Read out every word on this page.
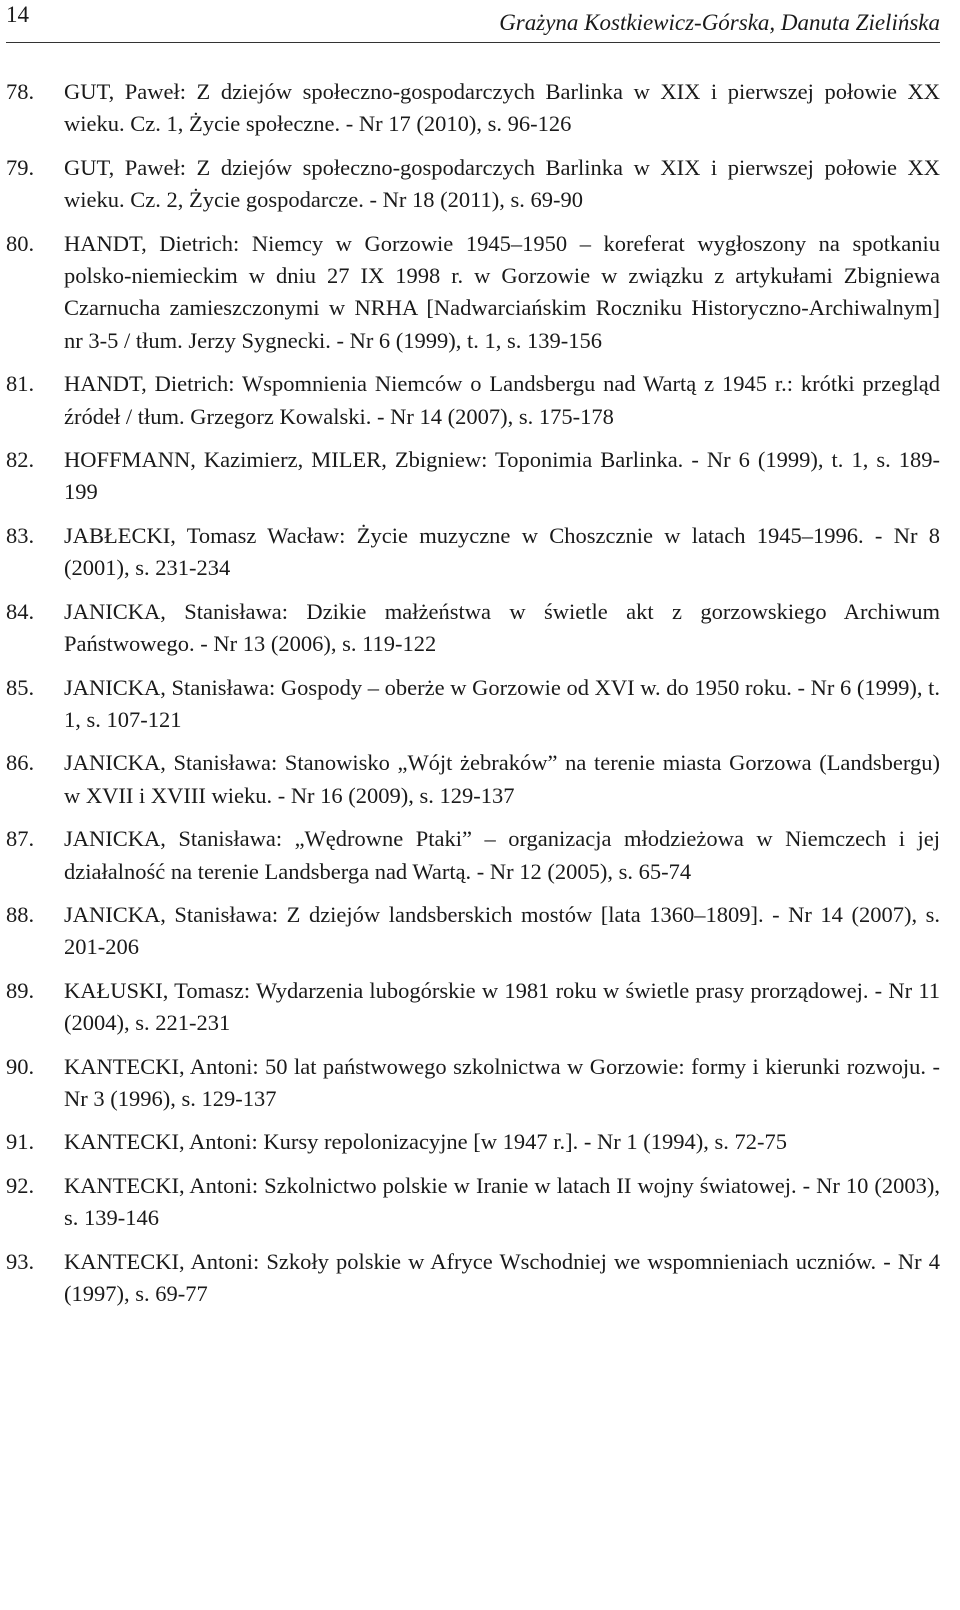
14	Grażyna Kostkiewicz-Górska, Danuta Zielińska
78. GUT, Paweł: Z dziejów społeczno-gospodarczych Barlinka w XIX i pierwszej połowie XX wieku. Cz. 1, Życie społeczne. - Nr 17 (2010), s. 96-126
79. GUT, Paweł: Z dziejów społeczno-gospodarczych Barlinka w XIX i pierwszej połowie XX wieku. Cz. 2, Życie gospodarcze. - Nr 18 (2011), s. 69-90
80. HANDT, Dietrich: Niemcy w Gorzowie 1945–1950 – koreferat wygłoszony na spotkaniu polsko-niemieckim w dniu 27 IX 1998 r. w Gorzowie w związku z artykułami Zbigniewa Czarnucha zamieszczonymi w NRHA [Nadwarciańskim Roczniku Historyczno-Archiwalnym] nr 3-5 / tłum. Jerzy Sygnecki. - Nr 6 (1999), t. 1, s. 139-156
81. HANDT, Dietrich: Wspomnienia Niemców o Landsbergu nad Wartą z 1945 r.: krótki przegląd źródeł / tłum. Grzegorz Kowalski. - Nr 14 (2007), s. 175-178
82. HOFFMANN, Kazimierz, MILER, Zbigniew: Toponimia Barlinka. - Nr 6 (1999), t. 1, s. 189-199
83. JABŁECKI, Tomasz Wacław: Życie muzyczne w Choszcznie w latach 1945–1996. - Nr 8 (2001), s. 231-234
84. JANICKA, Stanisława: Dzikie małżeństwa w świetle akt z gorzowskiego Archiwum Państwowego. - Nr 13 (2006), s. 119-122
85. JANICKA, Stanisława: Gospody – oberże w Gorzowie od XVI w. do 1950 roku. - Nr 6 (1999), t. 1, s. 107-121
86. JANICKA, Stanisława: Stanowisko „Wójt żebraków” na terenie miasta Gorzowa (Landsbergu) w XVII i XVIII wieku. - Nr 16 (2009), s. 129-137
87. JANICKA, Stanisława: „Wędrowne Ptaki” – organizacja młodzieżowa w Niemczech i jej działalność na terenie Landsberga nad Wartą. - Nr 12 (2005), s. 65-74
88. JANICKA, Stanisława: Z dziejów landsberskich mostów [lata 1360–1809]. - Nr 14 (2007), s. 201-206
89. KAŁUSKI, Tomasz: Wydarzenia lubogórskie w 1981 roku w świetle prasy prorządowej. - Nr 11 (2004), s. 221-231
90. KANTECKI, Antoni: 50 lat państwowego szkolnictwa w Gorzowie: formy i kierunki rozwoju. - Nr 3 (1996), s. 129-137
91. KANTECKI, Antoni: Kursy repolonizacyjne [w 1947 r.]. - Nr 1 (1994), s. 72-75
92. KANTECKI, Antoni: Szkolnictwo polskie w Iranie w latach II wojny światowej. - Nr 10 (2003), s. 139-146
93. KANTECKI, Antoni: Szkoły polskie w Afryce Wschodniej we wspomnieniach uczniów. - Nr 4 (1997), s. 69-77
